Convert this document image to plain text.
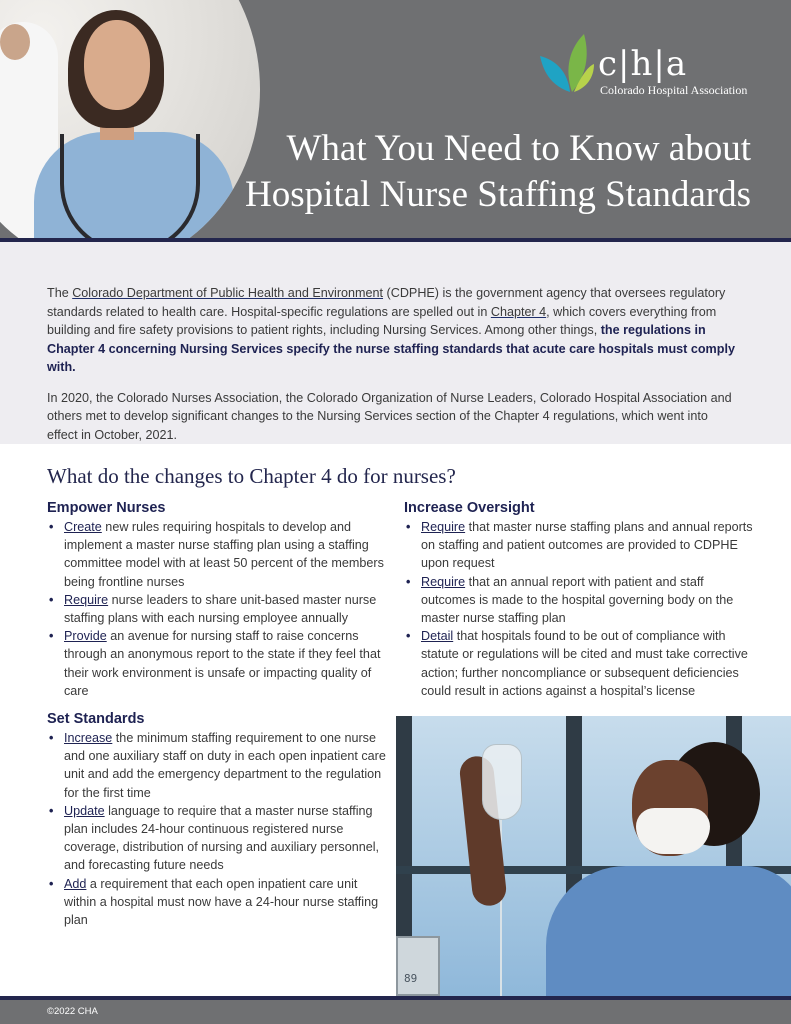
c|h|a
Colorado Hospital Association
What You Need to Know about
Hospital Nurse Staffing Standards

The Colorado Department of Public Health and Environment (CDPHE) is the government agency that oversees regulatory standards related to health care. Hospital-specific regulations are spelled out in Chapter 4, which covers everything from building and fire safety provisions to patient rights, including Nursing Services. Among other things, the regulations in Chapter 4 concerning Nursing Services specify the nurse staffing standards that acute care hospitals must comply with.

In 2020, the Colorado Nurses Association, the Colorado Organization of Nurse Leaders, Colorado Hospital Association and others met to develop significant changes to the Nursing Services section of the Chapter 4 regulations, which went into effect in October, 2021.

What do the changes to Chapter 4 do for nurses?
Empower Nurses
• Create new rules requiring hospitals to develop and implement a master nurse staffing plan using a staffing committee model with at least 50 percent of the members being frontline nurses
• Require nurse leaders to share unit-based master nurse staffing plans with each nursing employee annually
• Provide an avenue for nursing staff to raise concerns through an anonymous report to the state if they feel that their work environment is unsafe or impacting quality of care
Increase Oversight
• Require that master nurse staffing plans and annual reports on staffing and patient outcomes are provided to CDPHE upon request
• Require that an annual report with patient and staff outcomes is made to the hospital governing body on the master nurse staffing plan
• Detail that hospitals found to be out of compliance with statute or regulations will be cited and must take corrective action; further noncompliance or subsequent deficiencies could result in actions against a hospital’s license
Set Standards
• Increase the minimum staffing requirement to one nurse and one auxiliary staff on duty in each open inpatient care unit and add the emergency department to the regulation for the first time
• Update language to require that a master nurse staffing plan includes 24-hour continuous registered nurse coverage, distribution of nursing and auxiliary personnel, and forecasting future needs
• Add a requirement that each open inpatient care unit within a hospital must now have a 24-hour nurse staffing plan
89
©2022 CHA
